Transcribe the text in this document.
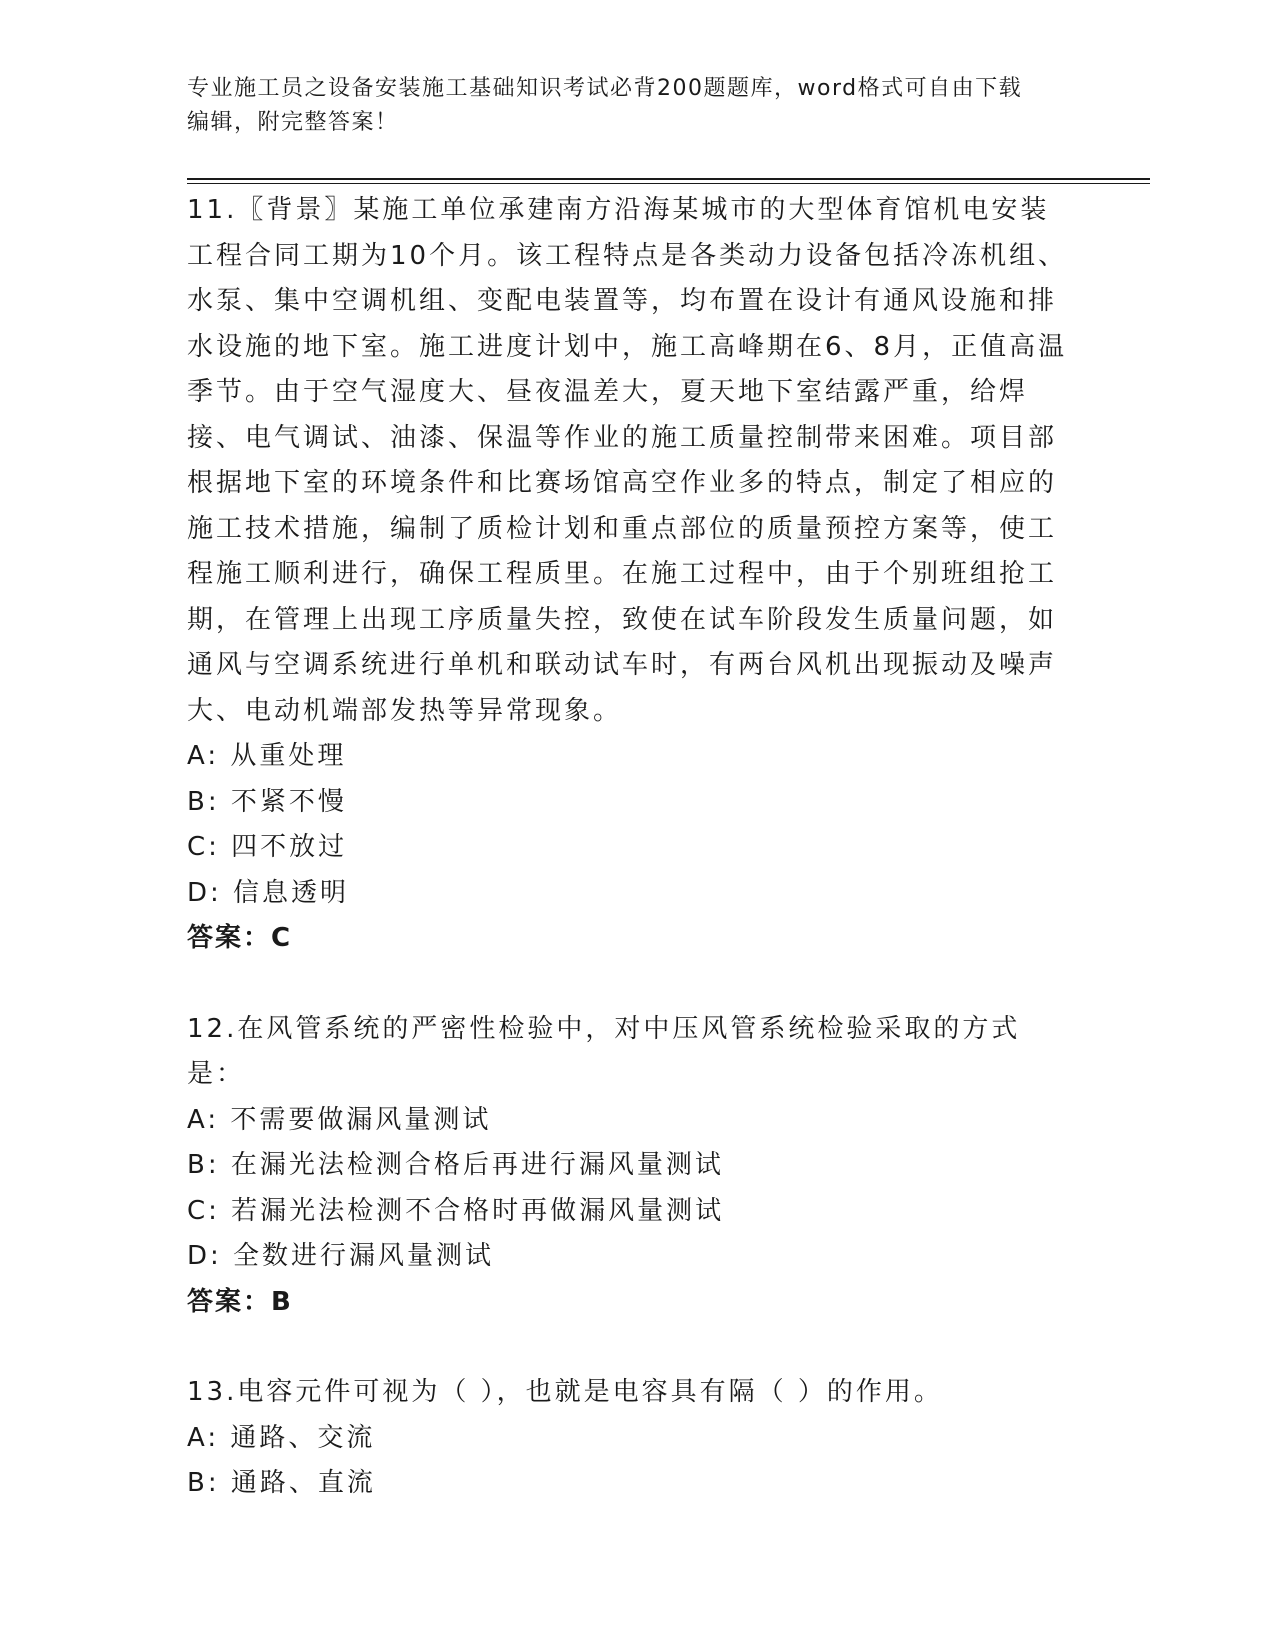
专业施工员之设备安装施工基础知识考试必背200题题库，word格式可自由下载
编辑，附完整答案！
11.〖背景〗某施工单位承建南方沿海某城市的大型体育馆机电安装工程合同工期为10个月。该工程特点是各类动力设备包括冷冻机组、水泵、集中空调机组、变配电装置等，均布置在设计有通风设施和排水设施的地下室。施工进度计划中，施工高峰期在6、8月，正值高温季节。由于空气湿度大、昼夜温差大，夏天地下室结露严重，给焊接、电气调试、油漆、保温等作业的施工质量控制带来困难。项目部根据地下室的环境条件和比赛场馆高空作业多的特点，制定了相应的施工技术措施，编制了质检计划和重点部位的质量预控方案等，使工程施工顺利进行，确保工程质里。在施工过程中，由于个别班组抢工期，在管理上出现工序质量失控，致使在试车阶段发生质量问题，如通风与空调系统进行单机和联动试车时，有两台风机出现振动及噪声大、电动机端部发热等异常现象。
A: 从重处理
B: 不紧不慢
C: 四不放过
D: 信息透明
答案：C
12.在风管系统的严密性检验中，对中压风管系统检验采取的方式是：
A: 不需要做漏风量测试
B: 在漏光法检测合格后再进行漏风量测试
C: 若漏光法检测不合格时再做漏风量测试
D: 全数进行漏风量测试
答案：B
13.电容元件可视为（ ），也就是电容具有隔（ ）的作用。
A: 通路、交流
B: 通路、直流
